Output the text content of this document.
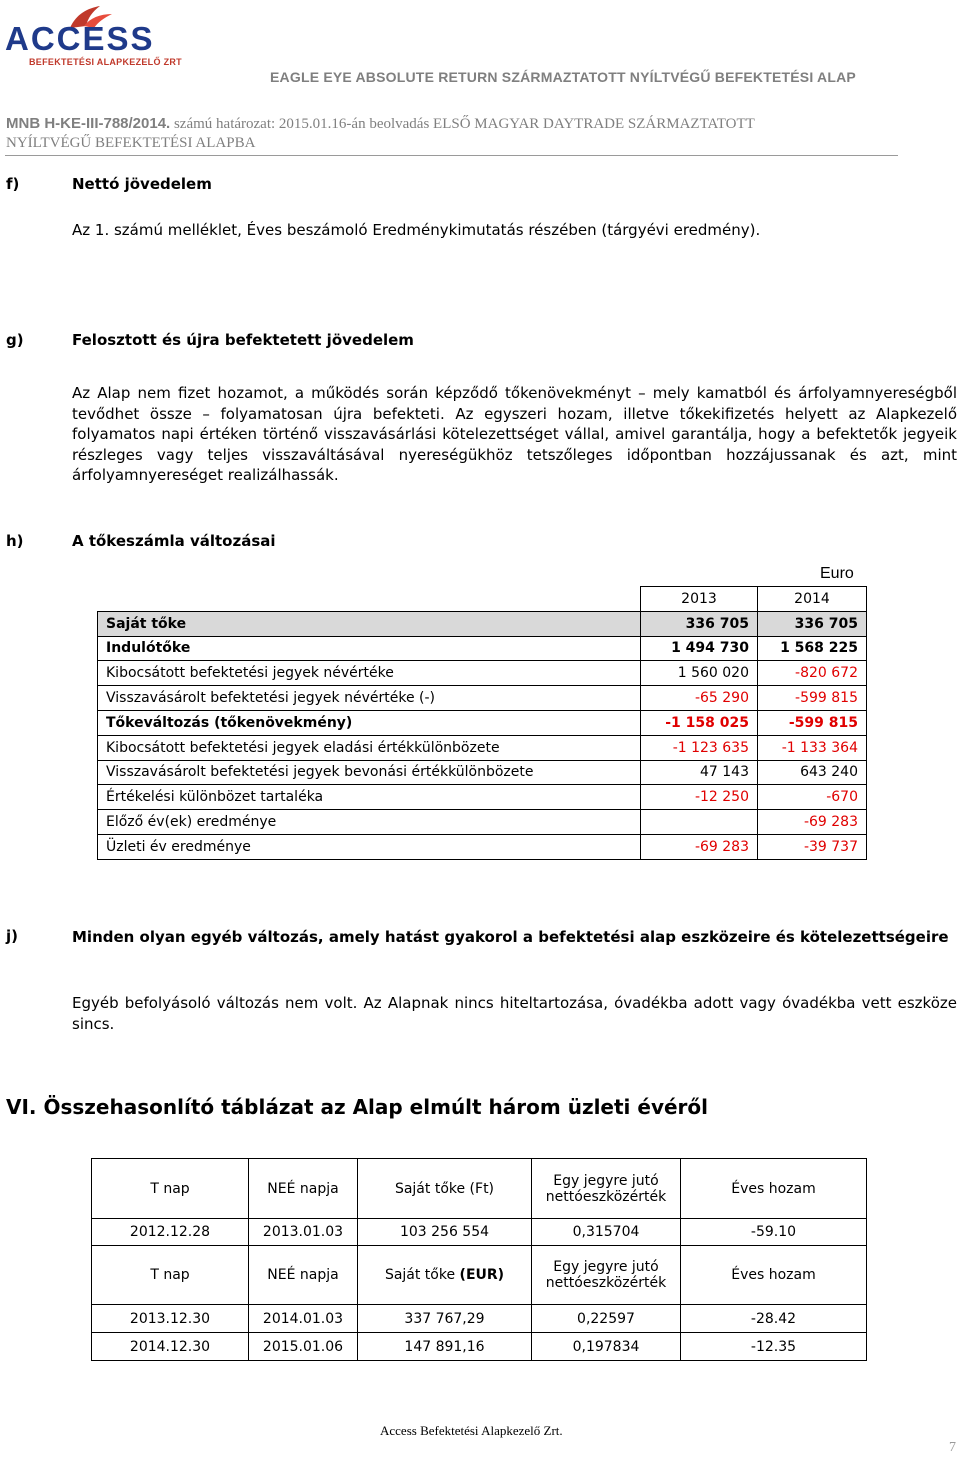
ACCESS
BEFEKTETÉSI ALAPKEZELŐ ZRT
EAGLE EYE ABSOLUTE RETURN SZÁRMAZTATOTT NYÍLTVÉGŰ BEFEKTETÉSI ALAP
MNB H-KE-III-788/2014. számú határozat: 2015.01.16-án beolvadás ELSŐ MAGYAR DAYTRADE SZÁRMAZTATOTT
NYÍLTVÉGŰ BEFEKTETÉSI ALAPBA
f)	Nettó jövedelem
Az 1. számú melléklet, Éves beszámoló Eredménykimutatás részében (tárgyévi eredmény).
g)	Felosztott és újra befektetett jövedelem
Az Alap nem fizet hozamot, a működés során képződő tőkenövekményt – mely kamatból és árfolyamnyereségből tevődhet össze – folyamatosan újra befekteti. Az egyszeri hozam, illetve tőkekifizetés helyett az Alapkezelő folyamatos napi értéken történő visszavásárlási kötelezettséget vállal, amivel garantálja, hogy a befektetők jegyeik részleges vagy teljes visszaváltásával nyereségükhöz tetszőleges időpontban hozzájussanak és azt, mint árfolyamnyereséget realizálhassák.
h)	A tőkeszámla változásai
Euro
	2013	2014
Saját tőke	336 705	336 705
Indulótőke	1 494 730	1 568 225
Kibocsátott befektetési jegyek névértéke	1 560 020	-820 672
Visszavásárolt befektetési jegyek névértéke (-)	-65 290	-599 815
Tőkeváltozás (tőkenövekmény)	-1 158 025	-599 815
Kibocsátott befektetési jegyek eladási értékkülönbözete	-1 123 635	-1 133 364
Visszavásárolt befektetési jegyek bevonási értékkülönbözete	47 143	643 240
Értékelési különbözet tartaléka	-12 250	-670
Előző év(ek) eredménye		-69 283
Üzleti év eredménye	-69 283	-39 737
j)	Minden olyan egyéb változás, amely hatást gyakorol a befektetési alap eszközeire és kötelezettségeire
Egyéb befolyásoló változás nem volt. Az Alapnak nincs hiteltartozása, óvadékba adott vagy óvadékba vett eszköze sincs.
VI. Összehasonlító táblázat az Alap elmúlt három üzleti évéről
T nap	NEÉ napja	Saját tőke (Ft)	Egy jegyre jutó nettóeszközérték	Éves hozam
2012.12.28	2013.01.03	103 256 554	0,315704	-59.10
T nap	NEÉ napja	Saját tőke (EUR)	Egy jegyre jutó nettóeszközérték	Éves hozam
2013.12.30	2014.01.03	337 767,29	0,22597	-28.42
2014.12.30	2015.01.06	147 891,16	0,197834	-12.35
Access Befektetési Alapkezelő Zrt.
7
